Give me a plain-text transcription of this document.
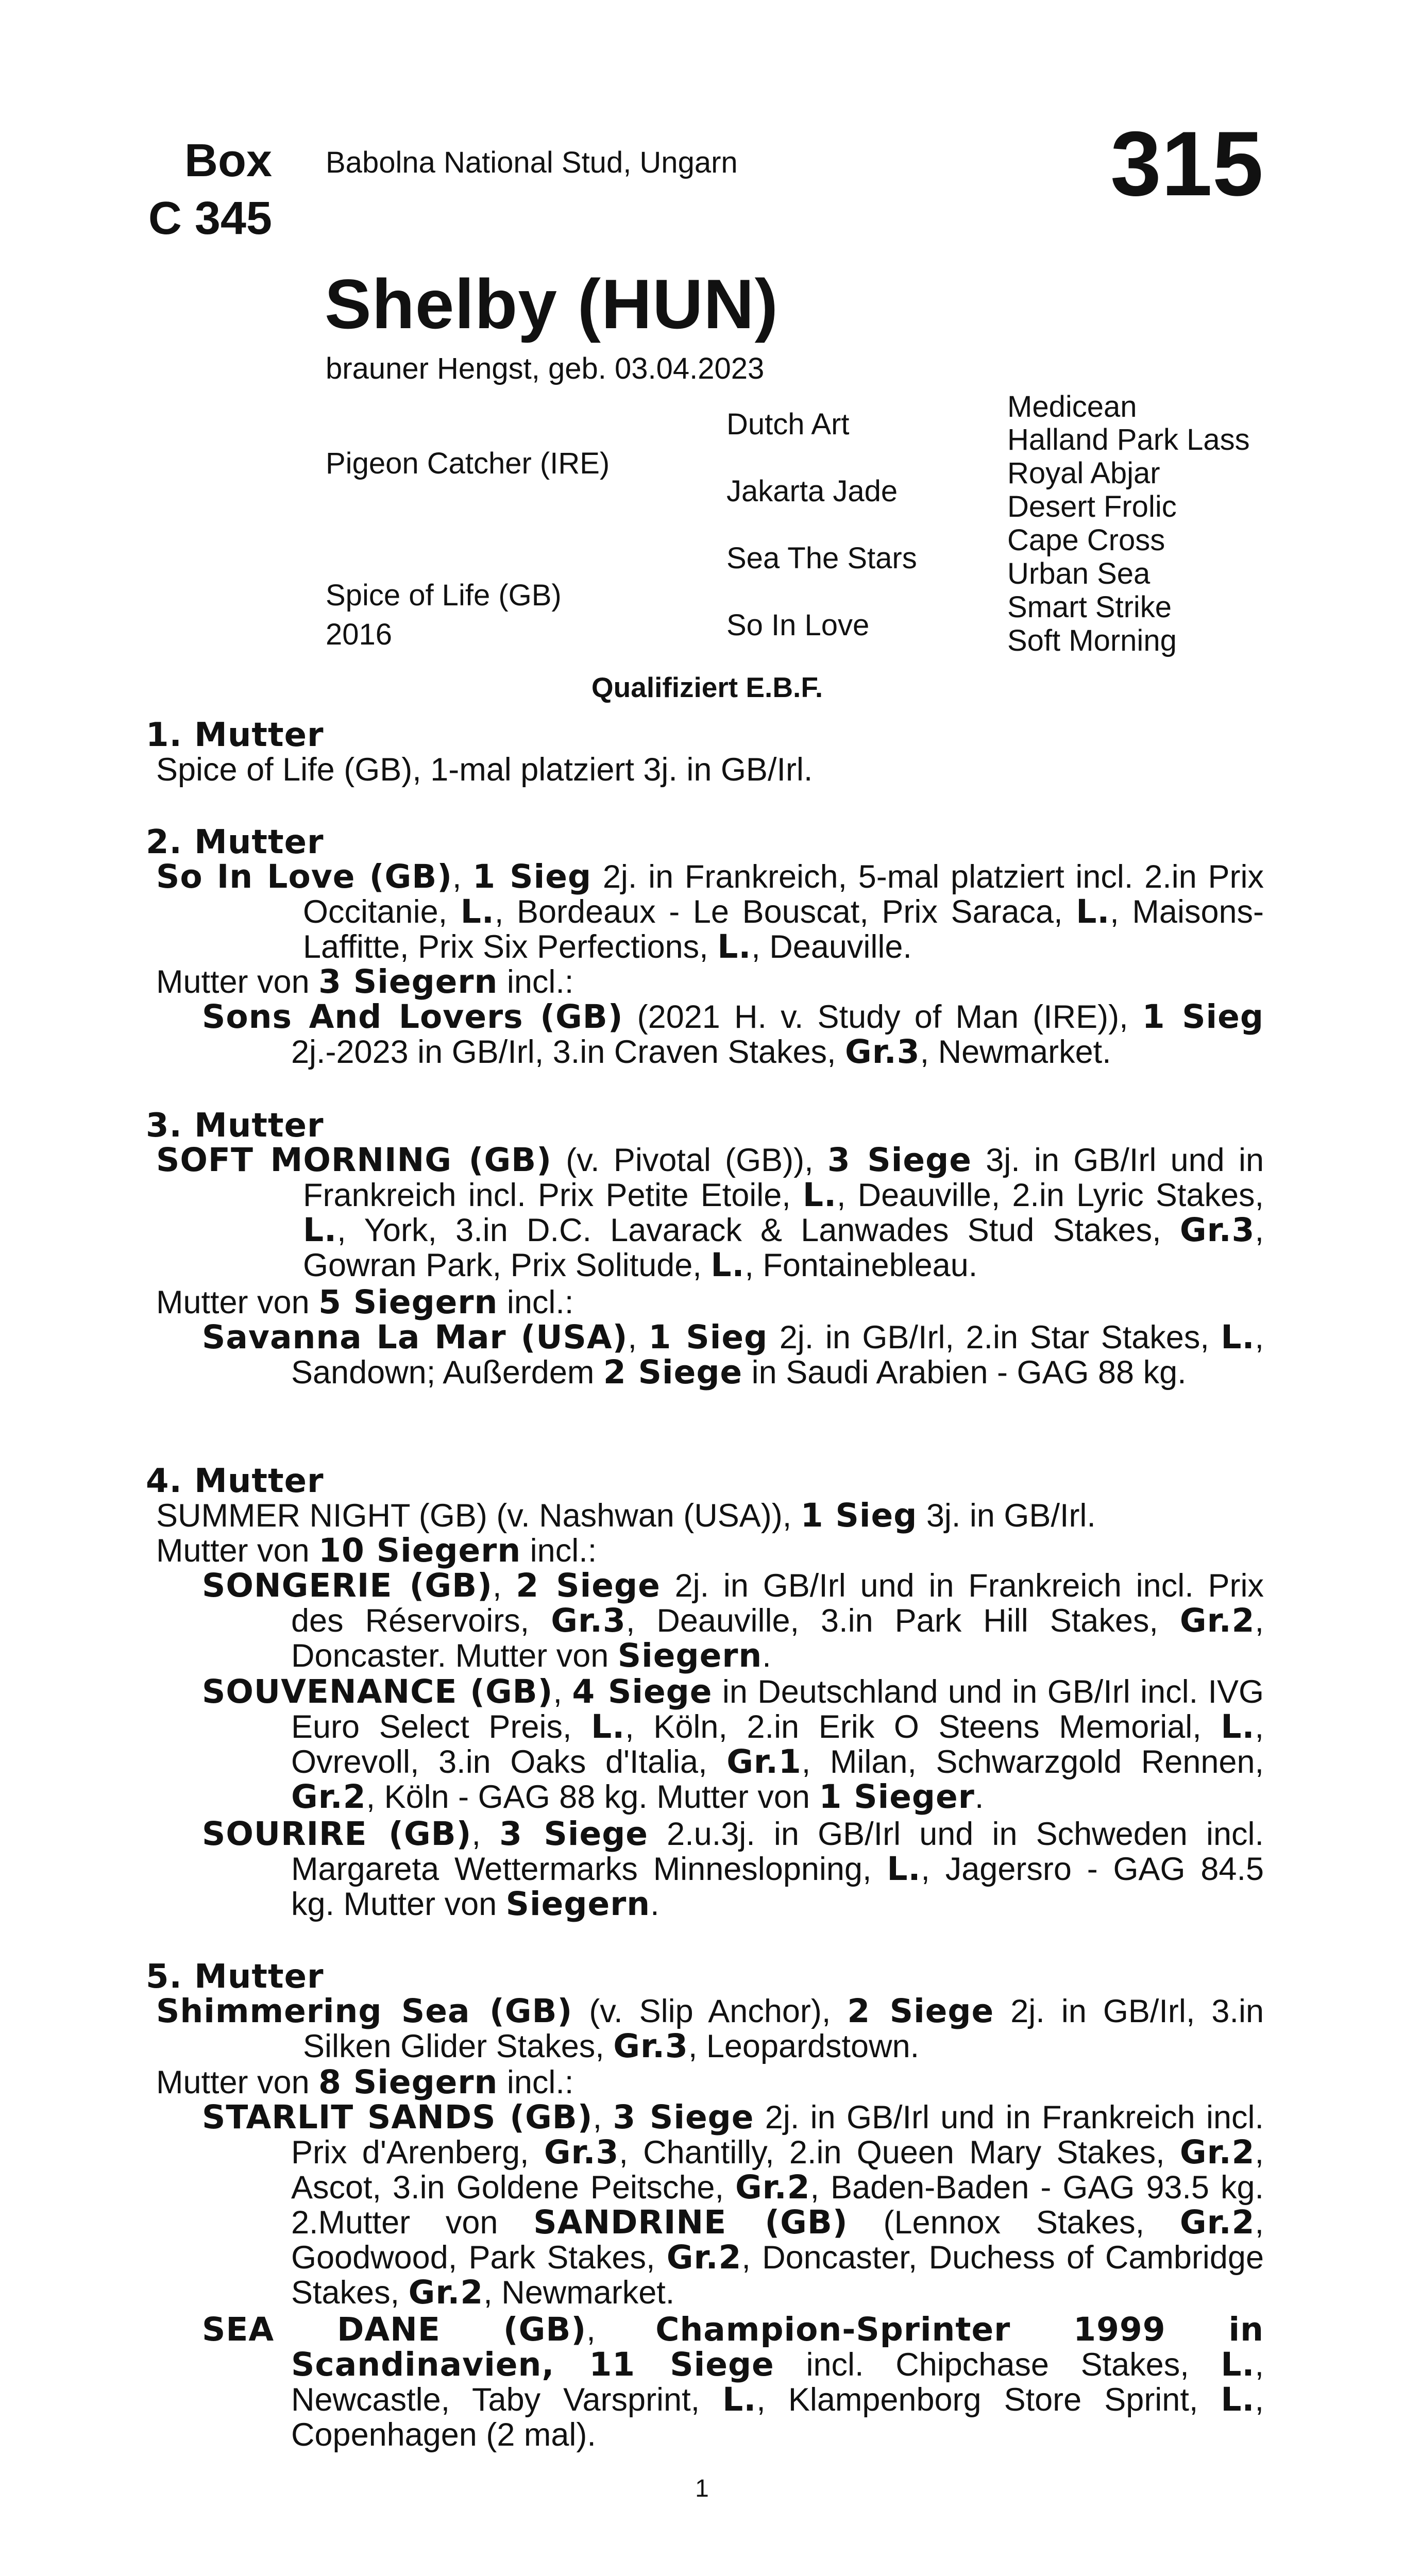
Box
C 345
Babolna National Stud, Ungarn	315
Shelby (HUN)
brauner Hengst, geb. 03.04.2023
Pigeon Catcher (IRE)
Spice of Life (GB)
2016
Dutch Art
Jakarta Jade
Sea The Stars
So In Love
Medicean
Halland Park Lass
Royal Abjar
Desert Frolic
Cape Cross
Urban Sea
Smart Strike
Soft Morning
Qualifiziert E.B.F.
1. Mutter
Spice of Life (GB), 1-mal platziert 3j. in GB/Irl.
2. Mutter
So In Love (GB), 1 Sieg 2j. in Frankreich, 5-mal platziert incl. 2.in Prix Occitanie, L., Bordeaux - Le Bouscat, Prix Saraca, L., Maisons-Laffitte, Prix Six Perfections, L., Deauville.
Mutter von 3 Siegern incl.:
Sons And Lovers (GB) (2021 H. v. Study of Man (IRE)), 1 Sieg 2j.-2023 in GB/Irl, 3.in Craven Stakes, Gr.3, Newmarket.
3. Mutter
SOFT MORNING (GB) (v. Pivotal (GB)), 3 Siege 3j. in GB/Irl und in Frankreich incl. Prix Petite Etoile, L., Deauville, 2.in Lyric Stakes, L., York, 3.in D.C. Lavarack & Lanwades Stud Stakes, Gr.3, Gowran Park, Prix Solitude, L., Fontainebleau.
Mutter von 5 Siegern incl.:
Savanna La Mar (USA), 1 Sieg 2j. in GB/Irl, 2.in Star Stakes, L., Sandown; Außerdem 2 Siege in Saudi Arabien - GAG 88 kg.
4. Mutter
SUMMER NIGHT (GB) (v. Nashwan (USA)), 1 Sieg 3j. in GB/Irl.
Mutter von 10 Siegern incl.:
SONGERIE (GB), 2 Siege 2j. in GB/Irl und in Frankreich incl. Prix des Réservoirs, Gr.3, Deauville, 3.in Park Hill Stakes, Gr.2, Doncaster. Mutter von Siegern.
SOUVENANCE (GB), 4 Siege in Deutschland und in GB/Irl incl. IVG Euro Select Preis, L., Köln, 2.in Erik O Steens Memorial, L., Ovrevoll, 3.in Oaks d'Italia, Gr.1, Milan, Schwarzgold Rennen, Gr.2, Köln - GAG 88 kg. Mutter von 1 Sieger.
SOURIRE (GB), 3 Siege 2.u.3j. in GB/Irl und in Schweden incl. Margareta Wettermarks Minneslopning, L., Jagersro - GAG 84.5 kg. Mutter von Siegern.
5. Mutter
Shimmering Sea (GB) (v. Slip Anchor), 2 Siege 2j. in GB/Irl, 3.in Silken Glider Stakes, Gr.3, Leopardstown.
Mutter von 8 Siegern incl.:
STARLIT SANDS (GB), 3 Siege 2j. in GB/Irl und in Frankreich incl. Prix d'Arenberg, Gr.3, Chantilly, 2.in Queen Mary Stakes, Gr.2, Ascot, 3.in Goldene Peitsche, Gr.2, Baden-Baden - GAG 93.5 kg. 2.Mutter von SANDRINE (GB) (Lennox Stakes, Gr.2, Goodwood, Park Stakes, Gr.2, Doncaster, Duchess of Cambridge Stakes, Gr.2, Newmarket.
SEA DANE (GB), Champion-Sprinter 1999 in Scandinavien, 11 Siege incl. Chipchase Stakes, L., Newcastle, Taby Varsprint, L., Klampenborg Store Sprint, L., Copenhagen (2 mal).
1
